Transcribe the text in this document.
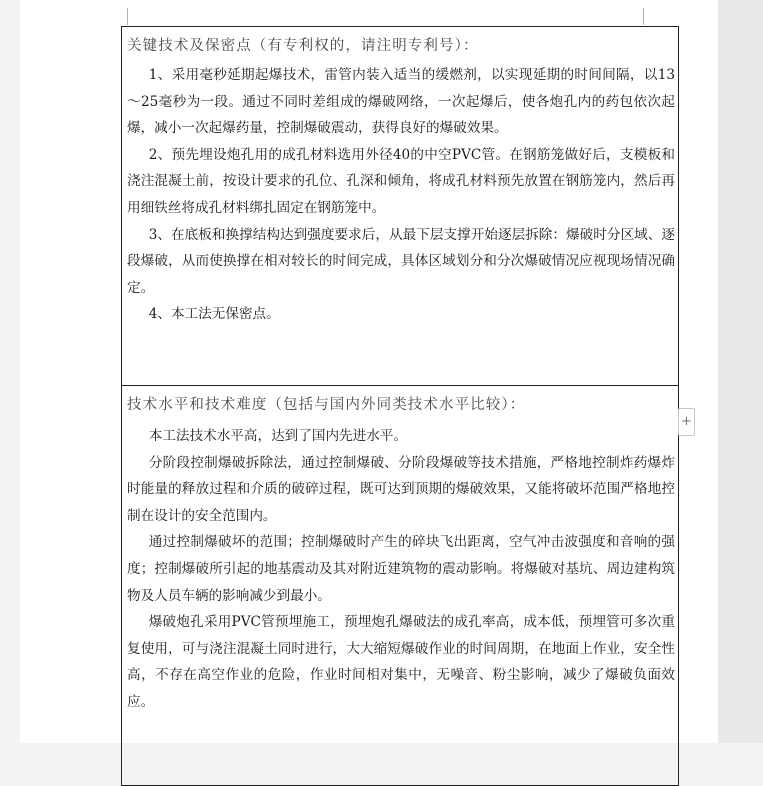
关键技术及保密点（有专利权的，请注明专利号）：

1、采用毫秒延期起爆技术，雷管内装入适当的缓燃剂，以实现延期的时间间隔，以13～25毫秒为一段。通过不同时差组成的爆破网络，一次起爆后，使各炮孔内的药包依次起爆，减小一次起爆药量，控制爆破震动，获得良好的爆破效果。

2、预先埋设炮孔用的成孔材料选用外径40的中空PVC管。在钢筋笼做好后，支模板和浇注混凝土前，按设计要求的孔位、孔深和倾角，将成孔材料预先放置在钢筋笼内，然后再用细铁丝将成孔材料绑扎固定在钢筋笼中。

3、在底板和换撑结构达到强度要求后，从最下层支撑开始逐层拆除：爆破时分区域、逐段爆破，从而使换撑在相对较长的时间完成，具体区域划分和分次爆破情况应视现场情况确定。

4、本工法无保密点。

技术水平和技术难度（包括与国内外同类技术水平比较）：

本工法技术水平高，达到了国内先进水平。

分阶段控制爆破拆除法，通过控制爆破、分阶段爆破等技术措施，严格地控制炸药爆炸时能量的释放过程和介质的破碎过程，既可达到顶期的爆破效果，又能将破坏范围严格地控制在设计的安全范围内。

通过控制爆破坏的范围；控制爆破时产生的碎块飞出距离，空气冲击波强度和音响的强度；控制爆破所引起的地基震动及其对附近建筑物的震动影响。将爆破对基坑、周边建构筑物及人员车辆的影响减少到最小。

爆破炮孔采用PVC管预埋施工，预埋炮孔爆破法的成孔率高，成本低，预埋管可多次重复使用，可与浇注混凝土同时进行，大大缩短爆破作业的时间周期，在地面上作业，安全性高，不存在高空作业的危险，作业时间相对集中，无噪音、粉尘影响，减少了爆破负面效应。

+
